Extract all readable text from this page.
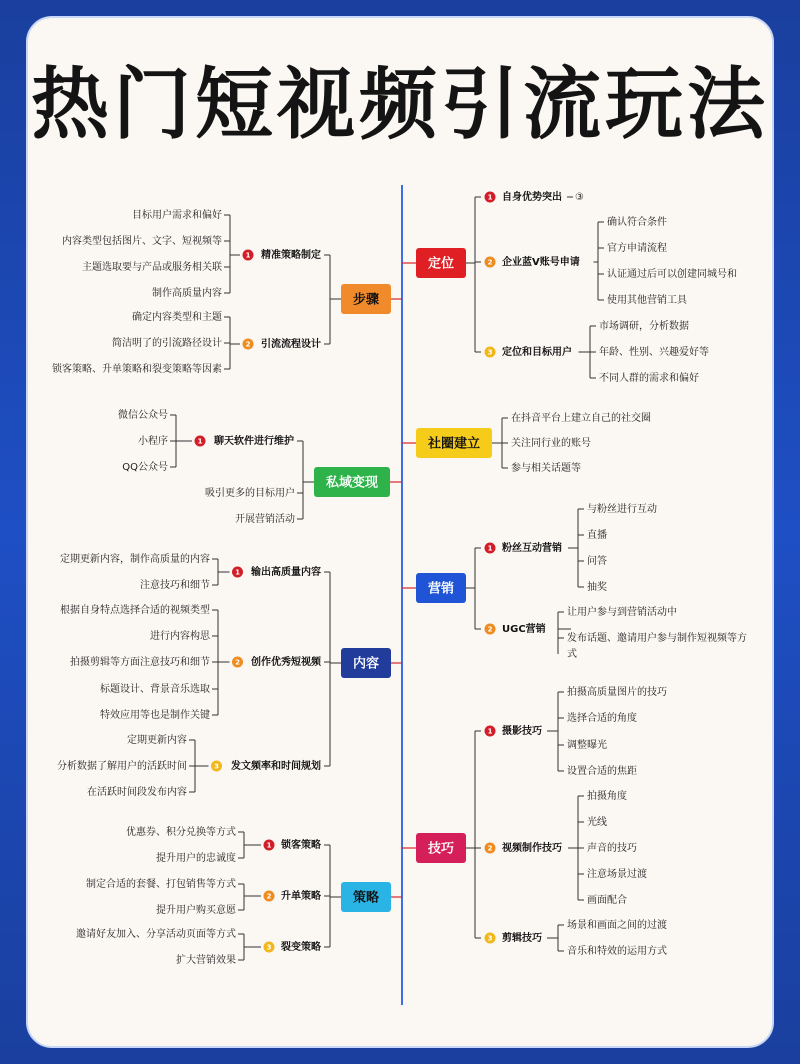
热门短视频引流玩法
吸引更多的目标用户
开展营销活动
精准策略制定
1
目标用户需求和偏好
内容类型包括图片、文字、短视频等
主题选取要与产品或服务相关联
制作高质量内容
引流流程设计
2
确定内容类型和主题
简洁明了的引流路径设计
锁客策略、升单策略和裂变策略等因素
聊天软件进行维护
1
微信公众号
小程序
QQ公众号
输出高质量内容
1
定期更新内容，制作高质量的内容
注意技巧和细节
创作优秀短视频
2
根据自身特点选择合适的视频类型
进行内容构思
拍摄剪辑等方面注意技巧和细节
标题设计、背景音乐选取
特效应用等也是制作关键
发文频率和时间规划
3
定期更新内容
分析数据了解用户的活跃时间
在活跃时间段发布内容
锁客策略
1
优惠券、积分兑换等方式
提升用户的忠诚度
升单策略
2
制定合适的套餐、打包销售等方式
提升用户购买意愿
裂变策略
3
邀请好友加入、分享活动页面等方式
扩大营销效果
在抖音平台上建立自己的社交圈
关注同行业的账号
参与相关话题等
1 自身优势突出 ③
2 企业蓝V账号申请
确认符合条件
官方申请流程
认证通过后可以创建同城号和
使用其他营销工具
3 定位和目标用户
市场调研，分析数据
年龄、性别、兴趣爱好等
不同人群的需求和偏好
1 粉丝互动营销
与粉丝进行互动
直播
问答
抽奖
2 UGC营销
让用户参与到营销活动中
发布话题、邀请用户参与制作短视频等方
式
1 摄影技巧
拍摄高质量图片的技巧
选择合适的角度
调整曝光
设置合适的焦距
2 视频制作技巧
拍摄角度
光线
声音的技巧
注意场景过渡
画面配合
3 剪辑技巧
场景和画面之间的过渡
音乐和特效的运用方式
步骤
私域变现
内容
策略
定位
社圈建立
营销
技巧
